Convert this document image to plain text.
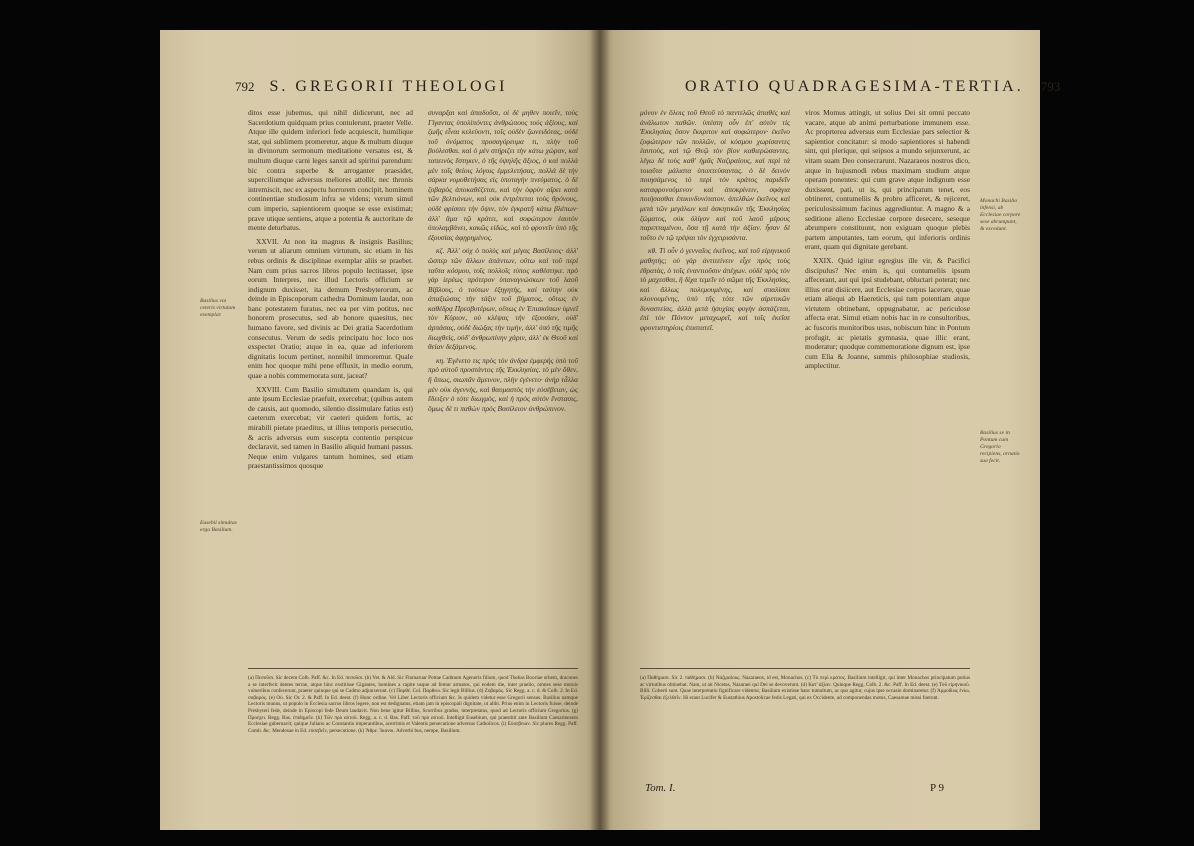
792 S. GREGORII THEOLOGI

ditos esse jubemus, qui nihil didicerunt, nec ad Sacerdotium quidquam prius contulerunt, praeter Velle. Atque ille quidem inferiori fede acquiescit, humilique stat, qui sublimem promeretur, atque & multum diuque in divinorum sermonum meditatione versatus est, & multum diuque carni leges sanxit ad spiritui parendum: hic contra superbe & arroganter praesidet, superciliumque adversus meliores attollit, nec thronis intremiscit, nec ex aspectu horrorem concipit, hominem continentiae studiosum infra se videns; verum simul cum imperio, sapientiorem quoque se esse existimat; prave utique sentiens, atque a potentia & auctoritate de mente deturbatus.

XXVII. At non ita magnus & insignis Basilius; verum ut aliarum omnium virtutum, sic etiam in his rebus ordinis & disciplinae exemplar aliis se praebet. Nam cum prius sacros libros populo lectitasset, ipse eorum Interpres, nec illud Lectoris officium se indignum duxisset, ita demum Presbyterorum, ac deinde in Episcoporum cathedra Dominum laudat, non hanc potestatem furatus, nec ea per vim potitus, nec honorem prosecutus, sed ab honore quaesitus, nec humano favore, sed divinis ac Dei gratia Sacerdotium consecutus. Verum de sedis principatu hoc loco nos exspectet Oratio; atque in ea, quae ad inferiorem dignitatis locum pertinet, nonnihil immoremur. Quale enim hoc quoque mihi pene effluxit, in medio eorum, quae a nobis commemorata sunt, jaceat?

XXVIII. Cum Basilio simultatem quandam is, qui ante ipsum Ecclesiae praefuit, exercebat; (quibus autem de causis, aut quomodo, silentio dissimulare fatius est) caeterum exercebat; vir caeteri quidem fortis, ac mirabili pietate praeditus, ut illius temporis persecutio, & acris adversus eum suscepta contentio perspicue declaravit, sed tamen in Basilio aliquid humani passus. Neque enim vulgares tantum homines, sed etiam praestantissimos quosque

συναρξαι καὶ ἀπαδοῦσι, οἱ δὲ μηθεν ποιεῖν, τοὺς Γίγαντας ὑπολίπόντες ἀνθρώπους τοὺς ἀξίους, καὶ ζωῆς εἶναι κελεύοντι, τοῖς οὐδὲν ζωνειδότας, οὐδὲ τοῦ ὀνόματος προσαγόρευμα τι, πλὴν τοῦ βούλεσθαι. καὶ ὁ μὲν στήριζει τὴν κάτω χώραν, καὶ ταπεινὸς ἕστηκεν, ὁ τῆς ὑψηλῆς ἄξιος, ὁ καὶ πολλὰ μὲν τοῖς θείοις λόγοις ἐμμελετήσας, πολλὰ δὲ τὴν σάρκα νομοθετήσας εἰς ὑποταγὴν πνεύματος. ὁ δὲ ζοβαρὸς ἀποκαθέζεται, καὶ τὴν ὀφρὺν αἴρει κατὰ τῶν βελτιόνων, καὶ οὐκ ἐντρέπεται τοὺς θρόνους, οὐδὲ φρίσσει τὴν ὄψιν, τὸν ἐγκρατῆ κάτω βλέπων· ἀλλ' ἅμα τῷ κράτει, καὶ σοφώτερον ἑαυτὸν ὑπολαμβάνει, κακῶς εἰδώς, καὶ τὸ φρονεῖν ὑπὸ τῆς ἐξουσίας ἀφῃρημένος.

κζ. Ἀλλ' οὐχ ὁ πολὺς καὶ μέγας Βασίλειος· ἀλλ' ὥσπερ τῶν ἄλλων ἁπάντων, οὕτω καὶ τοῦ περὶ ταῦτα κόσμου, τοῖς πολλοῖς τύπος καθέστηκε. πρὸ γὰρ ἱερέως πρότερον ὑπαναγνώσκων τοῦ λαοῦ Βίβλους, ὁ τούτων ἐξηγητὴς, καὶ ταύτην οὐκ ἀπαξιώσας τὴν τάξιν τοῦ βήματος, οὕτως ἐν καθέδρᾳ Πρεσβυτέρων, οὕτως ἐν Ἐπισκόπων ὑμνεῖ τὸν Κύριον, οὐ κλέψας τὴν ἐξουσίαν, οὐδ' ἁρπάσας, οὐδὲ διώξας τὴν τιμὴν, ἀλλ' ὑπὸ τῆς τιμῆς διωχθεὶς, οὐδ' ἀνθρωπίνην χάριν, ἀλλ' ἐκ Θεοῦ καὶ θείαν δεξάμενος.

κη. Ἐγένετο τις πρὸς τὸν ἀνδρα ἐμφερὴς ὑπὸ τοῦ πρὸ αὐτοῦ προστάντος τῆς Ἐκκλησίας. τὸ μὲν ὅθεν, ἢ ὅπως, σιωπᾶν ἄμεινον, πλὴν ἐγένετο· ἀνὴρ τἆλλα μὲν οὐκ ἀγεννὴς, καὶ θαυμαστὸς τὴν εὐσέβειαν, ὡς ἔδειξεν ὁ τότε διωγμὸς, καὶ ἡ πρὸς αὐτὸν ἔνστασις, ὅμως δὲ τι παθὼν πρὸς Βασίλειον ἀνθρώπινον.

Basilius via ceteris virtutum exemplar.
Eusebii simultas erga Basilium.
(a) Πεσοῦσι. Sic decem Colb. Paff. &c. In Ed. πεσοῦσι. (b) Vet. & Ald. Sic Finmaruar Pottae Cadmum Agenoris filium, quod Thebas Booriae urbem, dracones a se interfecit dentes terrae, atque hinc exstitisse Gigantes, homines a capite usque ad femur armatos, qui eodem die, inter praelio, omnes sese mutuis vulneribus confecerunt, praeter quinque qui se Cadmo adjunxerunt. (c) Παρθέ. Col. Παρθεω. Sic legit Billius. (d) Ζοβαρός. Sic Regg. a. c. d. & Colb. 2. In Ed. σοβαρός. (e) Οὐ. Sic Or. 2. & Paff. In Ed. deest. (f) Hunc ordine. Vel Liber Lectoris officium &c. Is quidem videtur esse Gregorii sensus. Basilius namque Lectoris munus, ut populo in Ecclesia sacros libros legere, non est dedignatus, etiam jam in episcopali dignitate, ut alibi. Prius enim in Lectoris fuisse, deinde Presbyteri fede, deinde in Episcopi fede Deum laudavit. Non bene igitur Billius, Scorribus gradus, interpretatus, quod ad Lectoris officium Gregorius. (g) Προέχει. Regg. Bas. ἐπιδημεῖν. (h) Τῶν πρὸ αὐτοῦ. Regg. a. c. d. Bas. Paff. τοῦ πρὸ αὐτοῦ. Intelligit Eusebium, qui praestitit ante Basilium Caesariensem Ecclesiae gubernavit; quique Juliano ac Constantio imperantibus, acerrimis et Valentis persecutione adversus Catholicos. (i) Εὐσεβειαν. Sic plures Regg. Paff. Comb. &c. Mendosae in Ed. εὐσεβεῖν, persecutione. (k) Ἄθρε. Ἱκανοι. Adverbi bus, nempe, Basilium.
ORATIO QUADRAGESIMA-TERTIA. 793

μόνον ἐν ὅλοις τοῦ Θεοῦ τὸ παντελῶς ἀπαθὲς καὶ ἀνάλωτον παθῶν. ὑπέστη οὖν ἐπ' αὐτὸν τὶς Ἐκκλησίας ὅσον ἔκκριτον καὶ σοφώτερον· ἐκεῖνο ζοφώτερον τῶν πολλῶν, οἱ κόσμου χωρίσαντες ἑαυτοὺς, καὶ τῷ Θεῷ τὸν βίον καθιερώσαντες. λέγω δὲ τοὺς καθ' ἡμᾶς Ναζιραίους, καὶ περὶ τὰ τοιαῦτα μάλιστα ὑποπτεύσαντας. ὁ δὲ δεινὸν ποιησάμενος τὸ περὶ τὸν κράτος παριδεῖν καταφρονούμενον καὶ ἀποκρίνειν, σφάγια ποιήσασθαι ἐπικινδυνότατον. ἀπελθὼν ἐκεῖνος καὶ μετὰ τῶν μεγάλων καὶ ἀσκητικῶν τῆς Ἐκκλησίας ζώματος, οὐκ ὀλίγον καὶ τοῦ λαοῦ μέρους παρεπταμένου, ὅσα τῇ κατὰ τὴν ἀξίαν. ἦσαν δὲ τοῦτο ἐν τῷ τρέψαι τὸν ἐγχειρισάντα.

κθ. Τί οὖν ὁ γενναῖος ἐκεῖνος, καὶ τοῦ εἰρηνικοῦ μαθητὴς; οὐ γὰρ ἀντιτείνειν εἶχε πρὸς τοὺς ἐθρατὰς, ὁ τοῖς ἐναντιοῦσιν ἀπέχων. οὐδὲ πρὸς τὸν τὸ μαχεσθαι, ἢ δίχα τεμεῖν τὸ σῶμα τῆς Ἐκκλησίας, καὶ ἄλλως πολεμουμένης, καὶ σπαλίσαι κλονουμένης, ὑπὸ τῆς τότε τῶν αἱρετικῶν δυναστείας. ἀλλὰ μετὰ ἡσυχίας φυγὴν ἀσπάζεται, ἐπὶ τὸν Πόντον μεταχωρεῖ, καὶ τοῖς ἐκεῖσε φροντιστηρίοις ἐπιστατεῖ.

viros Momus attingit, ut solius Dei sit omni peccato vacare, atque ab animi perturbatione immunem esse. Ac proprterea adversus eum Ecclesiae pars selectior & sapientior concitatur: si modo sapientiores si habendi sint, qui plerique, qui seipsos a mundo sejunxerunt, ac vitam suam Deo consecrarunt. Nazaraeos nostros dico, atque in hujusmodi rebus maximam studium atque operam ponentes: qui cum grave atque indignum esse duxissent, pati, ut is, qui principatum tenet, eos obtineret, contumeliis & probro afficeret, & rejiceret, periculosissimum facinus aggrediuntur. A magno & a seditione alieno Ecclesiae corpore desecere, seseque abrumpere constituunt, non exiguam quoque plebis partem amputantes, tam eorum, qui inferioris ordinis erant, quam qui dignitate gerebant.

XXIX. Quid igitur egregius ille vir, & Pacifici discipulus? Nec enim is, qui contumeliis ipsum affecerant, aut qui ipsi studebant, obluctari poterat; nec illius erat disiicere, aut Ecclesiae corpus lacerare, quae etiam aliequi ab Haereticis, qui tum potentiam atque virtutem obtinebant, oppugnabatur, ac periculose affecta erat. Simul etiam nobis hac in re consultoribus, ac fuscoris monitoribus usus, nobiscum hinc in Pontum profugit, ac pietatis gymnasia, quae illic erant, moderatur; quodque commemoratione dignum est, ipse cum Elia & Joanne, summis philosophiae studiosis, amplectitur.

Monachi Basilio infensi, ab Ecclesiae corpore sese abrumpunt, & excedunt.
Basilius se in Pontum cum Gregorio recipiens, ornatio sua fecit.
(a) Παθήμασι. Sic 2. παθήμασι. (b) Ναζιραίους. Nazaraeos, id est, Monachos. (c) Τὸ περὶ κράτος. Basilium intelligit, qui inter Monachos principatum potius ac virtutibus obtinebat. Nam, ut ait Nicetas, Nazaraei qui Dei se devoverunt. (d) Κατ' ἀξίαν. Quinque Regg. Colb. 2. &c. Paff. In Ed. deest. (e) Τοῦ εἰρηνικοῦ. Billi. Coberti sunt. Quae interpretatio fignificare videntur, Basilium existisse hanc tumultum, ac quo agitur, cujus ipse occasio dominaretur. (f) Ἀρμοδίως ἐνίω, Ἐρίζεσθαι ἐξελθεῖν. Hi erant Lucifer & Eustathius Apostolicae fedis Legati, qui ex Occidente, ad componendas motus, Caesareae missi fuerunt.
Tom. I.	P 9
